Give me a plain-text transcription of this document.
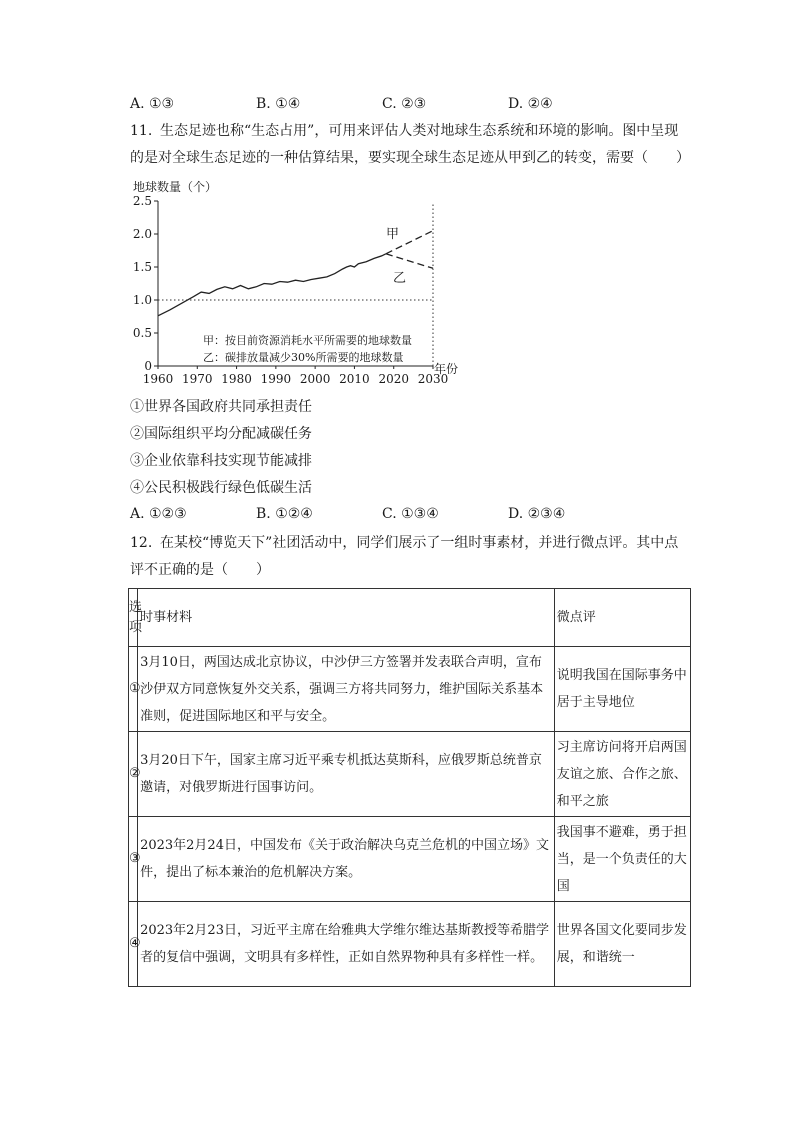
A. ①③	B. ①④	C. ②③	D. ②④
11. 生态足迹也称“生态占用”，可用来评估人类对地球生态系统和环境的影响。图中呈现的是对全球生态足迹的一种估算结果，要实现全球生态足迹从甲到乙的转变，需要（　　）
地球数量（个）
0
0.5
1.0
1.5
2.0
2.5
1960 1970 1980 1990 2000 2010 2020 2030
年份
甲
乙
甲：按目前资源消耗水平所需要的地球数量
乙：碳排放量减少30%所需要的地球数量
①世界各国政府共同承担责任
②国际组织平均分配减碳任务
③企业依靠科技实现节能减排
④公民积极践行绿色低碳生活
A. ①②③	B. ①②④	C. ①③④	D. ②③④
12. 在某校“博览天下”社团活动中，同学们展示了一组时事素材，并进行微点评。其中点评不正确的是（　　）
选项	时事材料	微点评
①	3月10日，两国达成北京协议，中沙伊三方签署并发表联合声明，宣布沙伊双方同意恢复外交关系，强调三方将共同努力，维护国际关系基本准则，促进国际地区和平与安全。	说明我国在国际事务中居于主导地位
②	3月20日下午，国家主席习近平乘专机抵达莫斯科，应俄罗斯总统普京邀请，对俄罗斯进行国事访问。	习主席访问将开启两国友谊之旅、合作之旅、和平之旅
③	2023年2月24日，中国发布《关于政治解决乌克兰危机的中国立场》文件，提出了标本兼治的危机解决方案。	我国事不避难，勇于担当，是一个负责任的大国
④	2023年2月23日，习近平主席在给雅典大学维尔维达基斯教授等希腊学者的复信中强调，文明具有多样性，正如自然界物种具有多样性一样。	世界各国文化要同步发展，和谐统一
